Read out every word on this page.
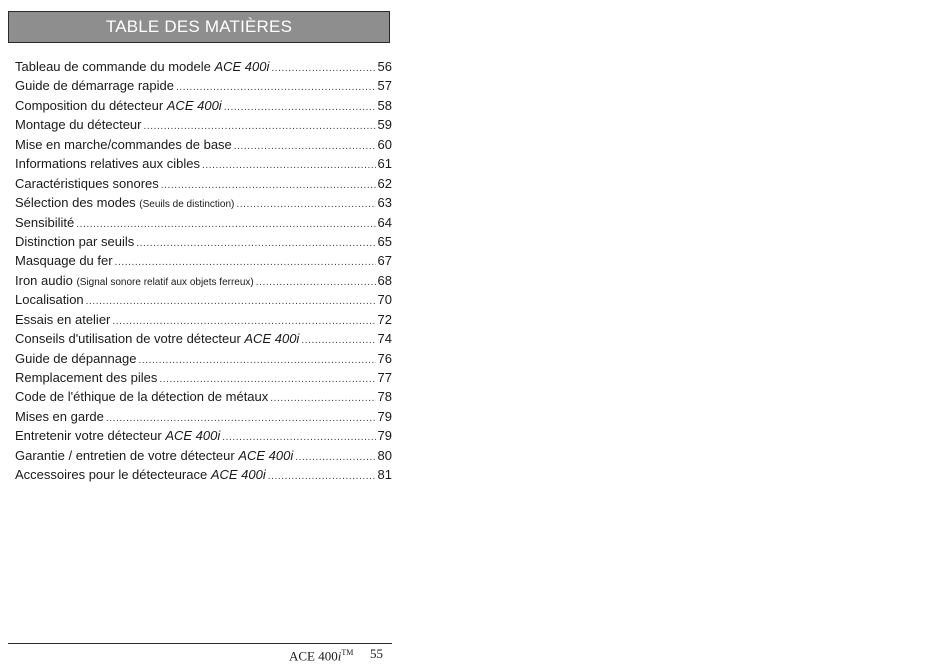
TABLE DES MATIÈRES
Tableau de commande du modele ACE 400i .....	56
Guide de démarrage rapide .....	57
Composition du détecteur ACE 400i .....	58
Montage du détecteur .....	59
Mise en marche/commandes de base .....	60
Informations relatives aux cibles .....	61
Caractéristiques sonores .....	62
Sélection des modes (Seuils de distinction) .....	63
Sensibilité .....	64
Distinction par seuils .....	65
Masquage du fer .....	67
Iron audio (Signal sonore relatif aux objets ferreux) .....	68
Localisation .....	70
Essais en atelier .....	72
Conseils d'utilisation de votre détecteur ACE 400i .....	74
Guide de dépannage .....	76
Remplacement des piles .....	77
Code de l'éthique de la détection de métaux .....	78
Mises en garde .....	79
Entretenir votre détecteur ACE 400i .....	79
Garantie / entretien de votre détecteur ACE 400i .....	80
Accessoires pour le détecteurace ACE 400i .....	81
ACE 400i™ 55
